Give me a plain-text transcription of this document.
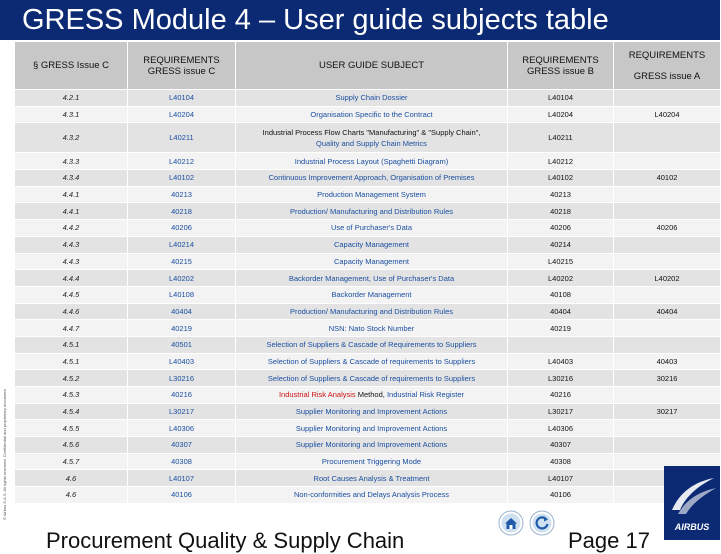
GRESS Module 4 – User guide subjects table
© Airbus S.A.S. All rights reserved. Confidential and proprietary document.
§ GRESS Issue C	REQUIREMENTS GRESS issue C	USER GUIDE SUBJECT	REQUIREMENTS GRESS issue B	REQUIREMENTS
GRESS issue A

4.2.1	L40104	Supply Chain Dossier	L40104	
4.3.1	L40204	Organisation Specific to the Contract	L40204	L40204
4.3.2	L40211	Industrial Process Flow Charts "Manufacturing" & "Supply Chain",
Quality and Supply Chain Metrics	L40211	
4.3.3	L40212	Industrial Process Layout (Spaghetti Diagram)	L40212	
4.3.4	L40102	Continuous Improvement Approach, Organisation of Premises	L40102	40102
4.4.1	40213	Production Management System	40213	
4.4.1	40218	Production/ Manufacturing and Distribution Rules	40218	
4.4.2	40206	Use of Purchaser's Data	40206	40206
4.4.3	L40214	Capacity Management	40214	
4.4.3	40215	Capacity Management	L40215	
4.4.4	L40202	Backorder Management, Use of Purchaser's Data	L40202	L40202
4.4.5	L40108	Backorder Management	40108	
4.4.6	40404	Production/ Manufacturing and Distribution Rules	40404	40404
4.4.7	40219	NSN: Nato Stock Number	40219	
4.5.1	40501	Selection of Suppliers & Cascade of Requirements to Suppliers		
4.5.1	L40403	Selection of Suppliers & Cascade of requirements to Suppliers	L40403	40403
4.5.2	L30216	Selection of Suppliers & Cascade of requirements to Suppliers	L30216	30216
4.5.3	40216	Industrial Risk Analysis Method, Industrial Risk Register	40216	
4.5.4	L30217	Supplier Monitoring and Improvement Actions	L30217	30217
4.5.5	L40306	Supplier Monitoring and Improvement Actions	L40306	
4.5.6	40307	Supplier Monitoring and Improvement Actions	40307	
4.5.7	40308	Procurement Triggering Mode	40308	
4.6	L40107	Root Causes Analysis & Treatment	L40107	
4.6	40106	Non-conformities and Delays Analysis Process	40106	
Procurement Quality & Supply Chain	Page 17
AIRBUS
